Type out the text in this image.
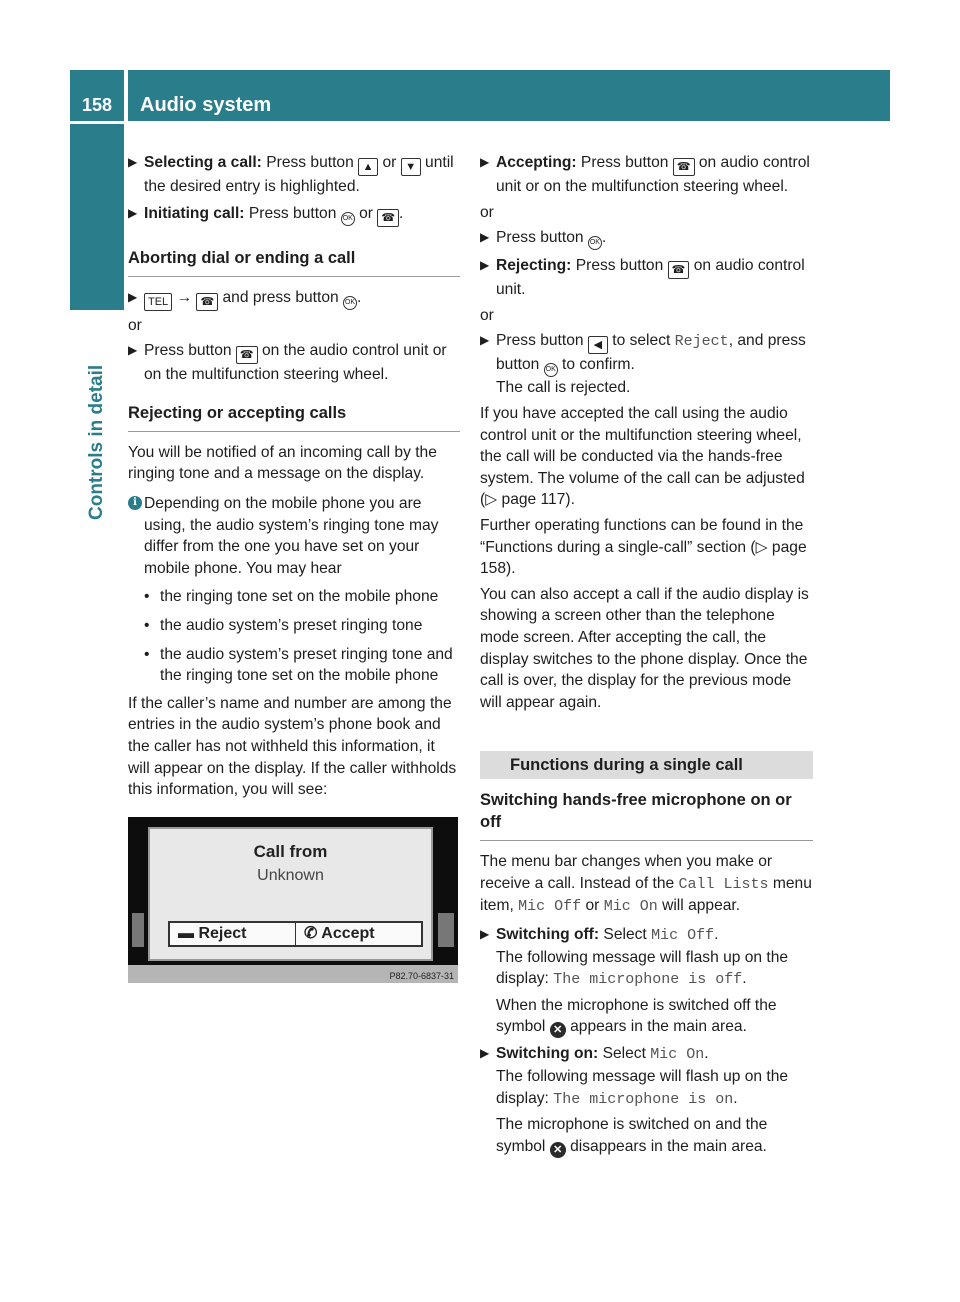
158	Audio system
Controls in detail
▶ Selecting a call: Press button ▲ or ▼ until the desired entry is highlighted.
▶ Initiating call: Press button OK or ☎ .
Aborting dial or ending a call
▶ TEL → ☎ and press button OK .
or
▶ Press button ☎ on the audio control unit or on the multifunction steering wheel.
Rejecting or accepting calls
You will be notified of an incoming call by the ringing tone and a message on the display.
i Depending on the mobile phone you are using, the audio system’s ringing tone may differ from the one you have set on your mobile phone. You may hear
• the ringing tone set on the mobile phone
• the audio system’s preset ringing tone
• the audio system’s preset ringing tone and the ringing tone set on the mobile phone
If the caller’s name and number are among the entries in the audio system’s phone book and the caller has not withheld this information, it will appear on the display. If the caller withholds this information, you will see:
Call from
Unknown
▬ Reject	✆ Accept
P82.70-6837-31
▶ Accepting: Press button ☎ on audio control unit or on the multifunction steering wheel.
or
▶ Press button OK .
▶ Rejecting: Press button ☎ on audio control unit.
or
▶ Press button ◀ to select Reject, and press button OK to confirm.
The call is rejected.
If you have accepted the call using the audio control unit or the multifunction steering wheel, the call will be conducted via the hands-free system. The volume of the call can be adjusted (▷ page 117).
Further operating functions can be found in the “Functions during a single-call” section (▷ page 158).
You can also accept a call if the audio display is showing a screen other than the telephone mode screen. After accepting the call, the display switches to the phone display. Once the call is over, the display for the previous mode will appear again.
Functions during a single call
Switching hands-free microphone on or off
The menu bar changes when you make or receive a call. Instead of the Call Lists menu item, Mic Off or Mic On will appear.
▶ Switching off: Select Mic Off.
The following message will flash up on the display: The microphone is off.
When the microphone is switched off the symbol ✕ appears in the main area.
▶ Switching on: Select Mic On.
The following message will flash up on the display: The microphone is on.
The microphone is switched on and the symbol ✕ disappears in the main area.
